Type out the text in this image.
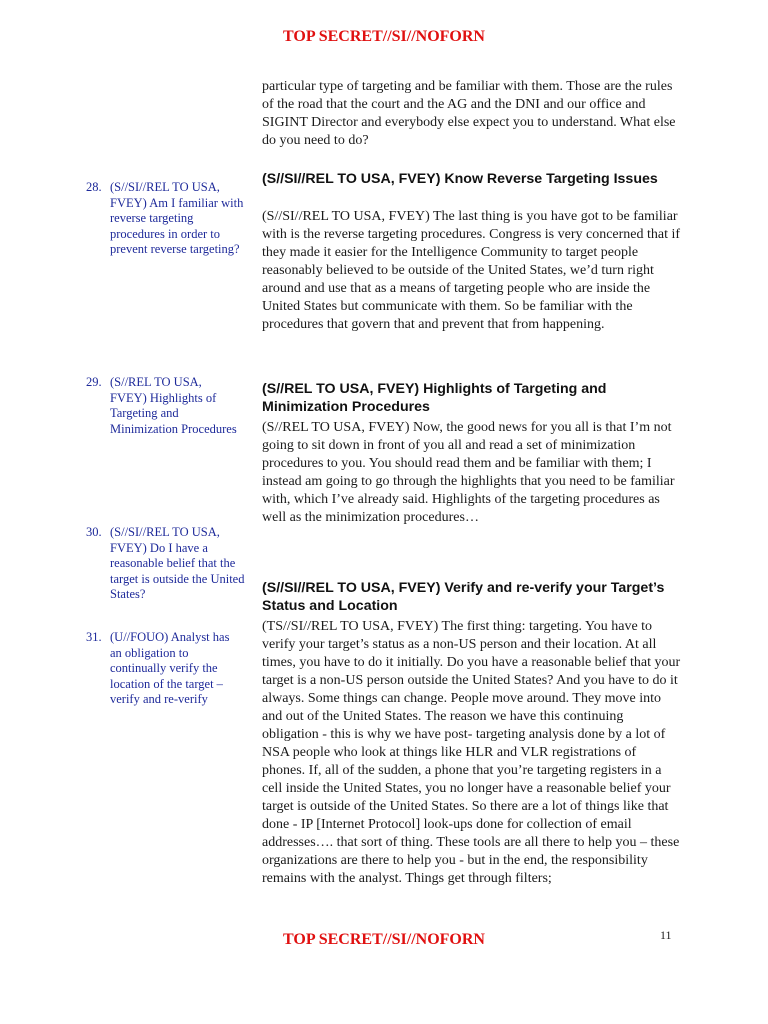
TOP SECRET//SI//NOFORN

particular type of targeting and be familiar with them. Those are the rules of the road that the court and the AG and the DNI and our office and SIGINT Director and everybody else expect you to understand. What else do you need to do?

28. (S//SI//REL TO USA,
FVEY) Am I familiar with reverse targeting procedures in order to prevent reverse targeting?
29. (S//REL TO USA,
FVEY) Highlights of Targeting and Minimization Procedures
30. (S//SI//REL TO USA,
FVEY) Do I have a reasonable belief that the target is outside the United States?
31. (U//FOUO) Analyst has
an obligation to continually verify the location of the target – verify and re-verify
(S//SI//REL TO USA, FVEY) Know Reverse Targeting Issues

(S//SI//REL TO USA, FVEY) The last thing is you have got to be familiar with is the reverse targeting procedures. Congress is very concerned that if they made it easier for the Intelligence Community to target people reasonably believed to be outside of the United States, we’d turn right around and use that as a means of targeting people who are inside the United States but communicate with them. So be familiar with the procedures that govern that and prevent that from happening.

(S//REL TO USA, FVEY) Highlights of Targeting and Minimization Procedures

(S//REL TO USA, FVEY) Now, the good news for you all is that I’m not going to sit down in front of you all and read a set of minimization procedures to you. You should read them and be familiar with them; I instead am going to go through the highlights that you need to be familiar with, which I’ve already said. Highlights of the targeting procedures as well as the minimization procedures…

(S//SI//REL TO USA, FVEY) Verify and re-verify your Target’s Status and Location

(TS//SI//REL TO USA, FVEY) The first thing: targeting. You have to verify your target’s status as a non-US person and their location. At all times, you have to do it initially. Do you have a reasonable belief that your target is a non-US person outside the United States? And you have to do it always. Some things can change. People move around. They move into and out of the United States. The reason we have this continuing obligation - this is why we have post- targeting analysis done by a lot of NSA people who look at things like HLR and VLR registrations of phones. If, all of the sudden, a phone that you’re targeting registers in a cell inside the United States, you no longer have a reasonable belief your target is outside of the United States. So there are a lot of things like that done - IP [Internet Protocol] look-ups done for collection of email addresses…. that sort of thing. These tools are all there to help you – these organizations are there to help you - but in the end, the responsibility remains with the analyst. Things get through filters;

TOP SECRET//SI//NOFORN	11
